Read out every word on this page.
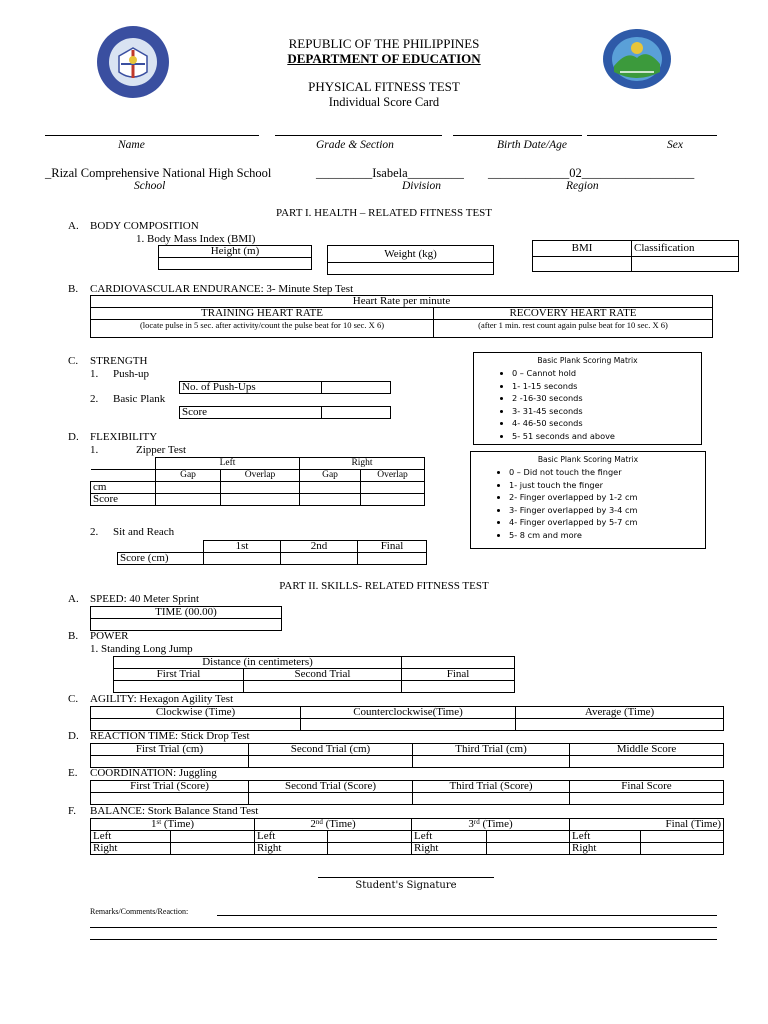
REPUBLIC OF THE PHILIPPINES
DEPARTMENT OF EDUCATION
PHYSICAL FITNESS TEST
Individual Score Card
Name	Grade & Section	Birth Date/Age	Sex
_Rizal Comprehensive National High School	_________Isabela_________ _____________02__________________
School	Division	Region
PART I. HEALTH – RELATED FITNESS TEST
A. BODY COMPOSITION
1. Body Mass Index (BMI)
Height (m)	Weight (kg)	BMI	Classification

B. CARDIOVASCULAR ENDURANCE: 3- Minute Step Test
Heart Rate per minute	
TRAINING HEART RATE	RECOVERY HEART RATE
(locate pulse in 5 sec. after activity/count the pulse beat for 10 sec. X 6)	(after 1 min. rest count again pulse beat for 10 sec. X 6)

C. STRENGTH
1. Push-up
No. of Push-Ups	
2. Basic Plank
Score	
Basic Plank Scoring Matrix
• 0 – Cannot hold
• 1- 1-15 seconds
• 2 -16-30 seconds
• 3- 31-45 seconds
• 4- 46-50 seconds
• 5- 51 seconds and above
D. FLEXIBILITY
1.	Zipper Test
	Left		Right	
	Gap	Overlap	Gap	Overlap
cm				
Score				
Basic Plank Scoring Matrix
• 0 – Did not touch the finger
• 1- just touch the finger
• 2- Finger overlapped by 1-2 cm
• 3- Finger overlapped by 3-4 cm
• 4- Finger overlapped by 5-7 cm
• 5- 8 cm and more
2. Sit and Reach
	1st	2nd	Final
Score (cm)			
PART II. SKILLS- RELATED FITNESS TEST
A. SPEED: 40 Meter Sprint
TIME (00.00)

B. POWER
1. Standing Long Jump
Distance (in centimeters)		
First Trial	Second Trial	Final

C. AGILITY: Hexagon Agility Test
Clockwise (Time)	Counterclockwise(Time)	Average (Time)

D. REACTION TIME: Stick Drop Test
First Trial (cm)	Second Trial (cm)	Third Trial (cm)	Middle Score

E. COORDINATION: Juggling
First Trial (Score)	Second Trial (Score)	Third Trial (Score)	Final Score

F. BALANCE: Stork Balance Stand Test
1st (Time)		2nd (Time)		3rd (Time)		Final (Time)	
Left		Left		Left		Left	
Right		Right		Right		Right	
Student's Signature
Remarks/Comments/Reaction:
